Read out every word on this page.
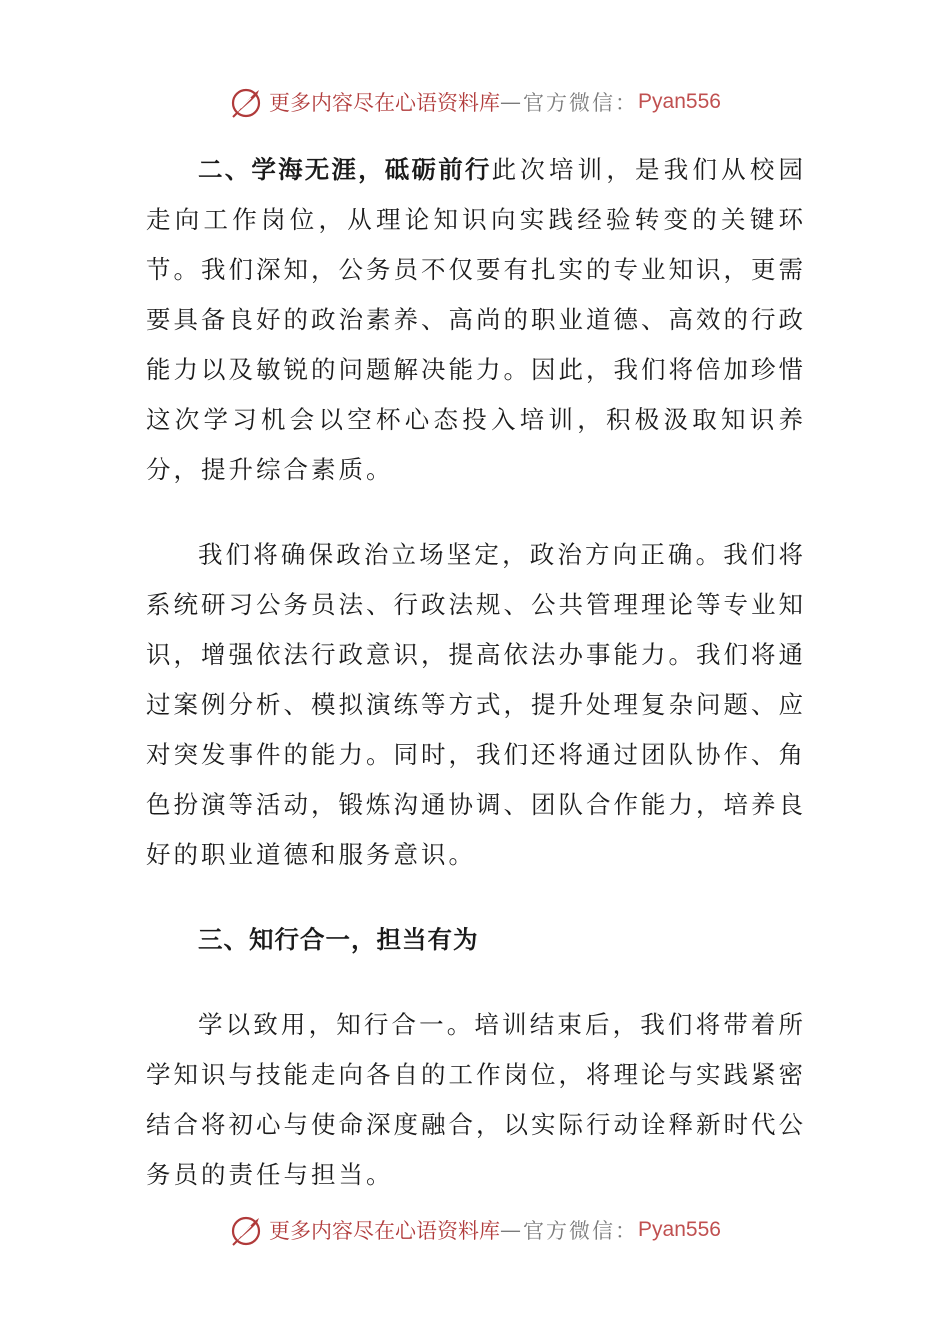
更多内容尽在心语资料库 — 官方微信： Pyan556

二、学海无涯，砥砺前行此次培训，是我们从校园走向工作岗位，从理论知识向实践经验转变的关键环节。我们深知，公务员不仅要有扎实的专业知识，更需要具备良好的政治素养、高尚的职业道德、高效的行政能力以及敏锐的问题解决能力。因此，我们将倍加珍惜这次学习机会以空杯心态投入培训，积极汲取知识养分，提升综合素质。

我们将确保政治立场坚定，政治方向正确。我们将系统研习公务员法、行政法规、公共管理理论等专业知识，增强依法行政意识，提高依法办事能力。我们将通过案例分析、模拟演练等方式，提升处理复杂问题、应对突发事件的能力。同时，我们还将通过团队协作、角色扮演等活动，锻炼沟通协调、团队合作能力，培养良好的职业道德和服务意识。

三、知行合一，担当有为

学以致用，知行合一。培训结束后，我们将带着所学知识与技能走向各自的工作岗位，将理论与实践紧密结合将初心与使命深度融合，以实际行动诠释新时代公务员的责任与担当。

更多内容尽在心语资料库 — 官方微信： Pyan556
